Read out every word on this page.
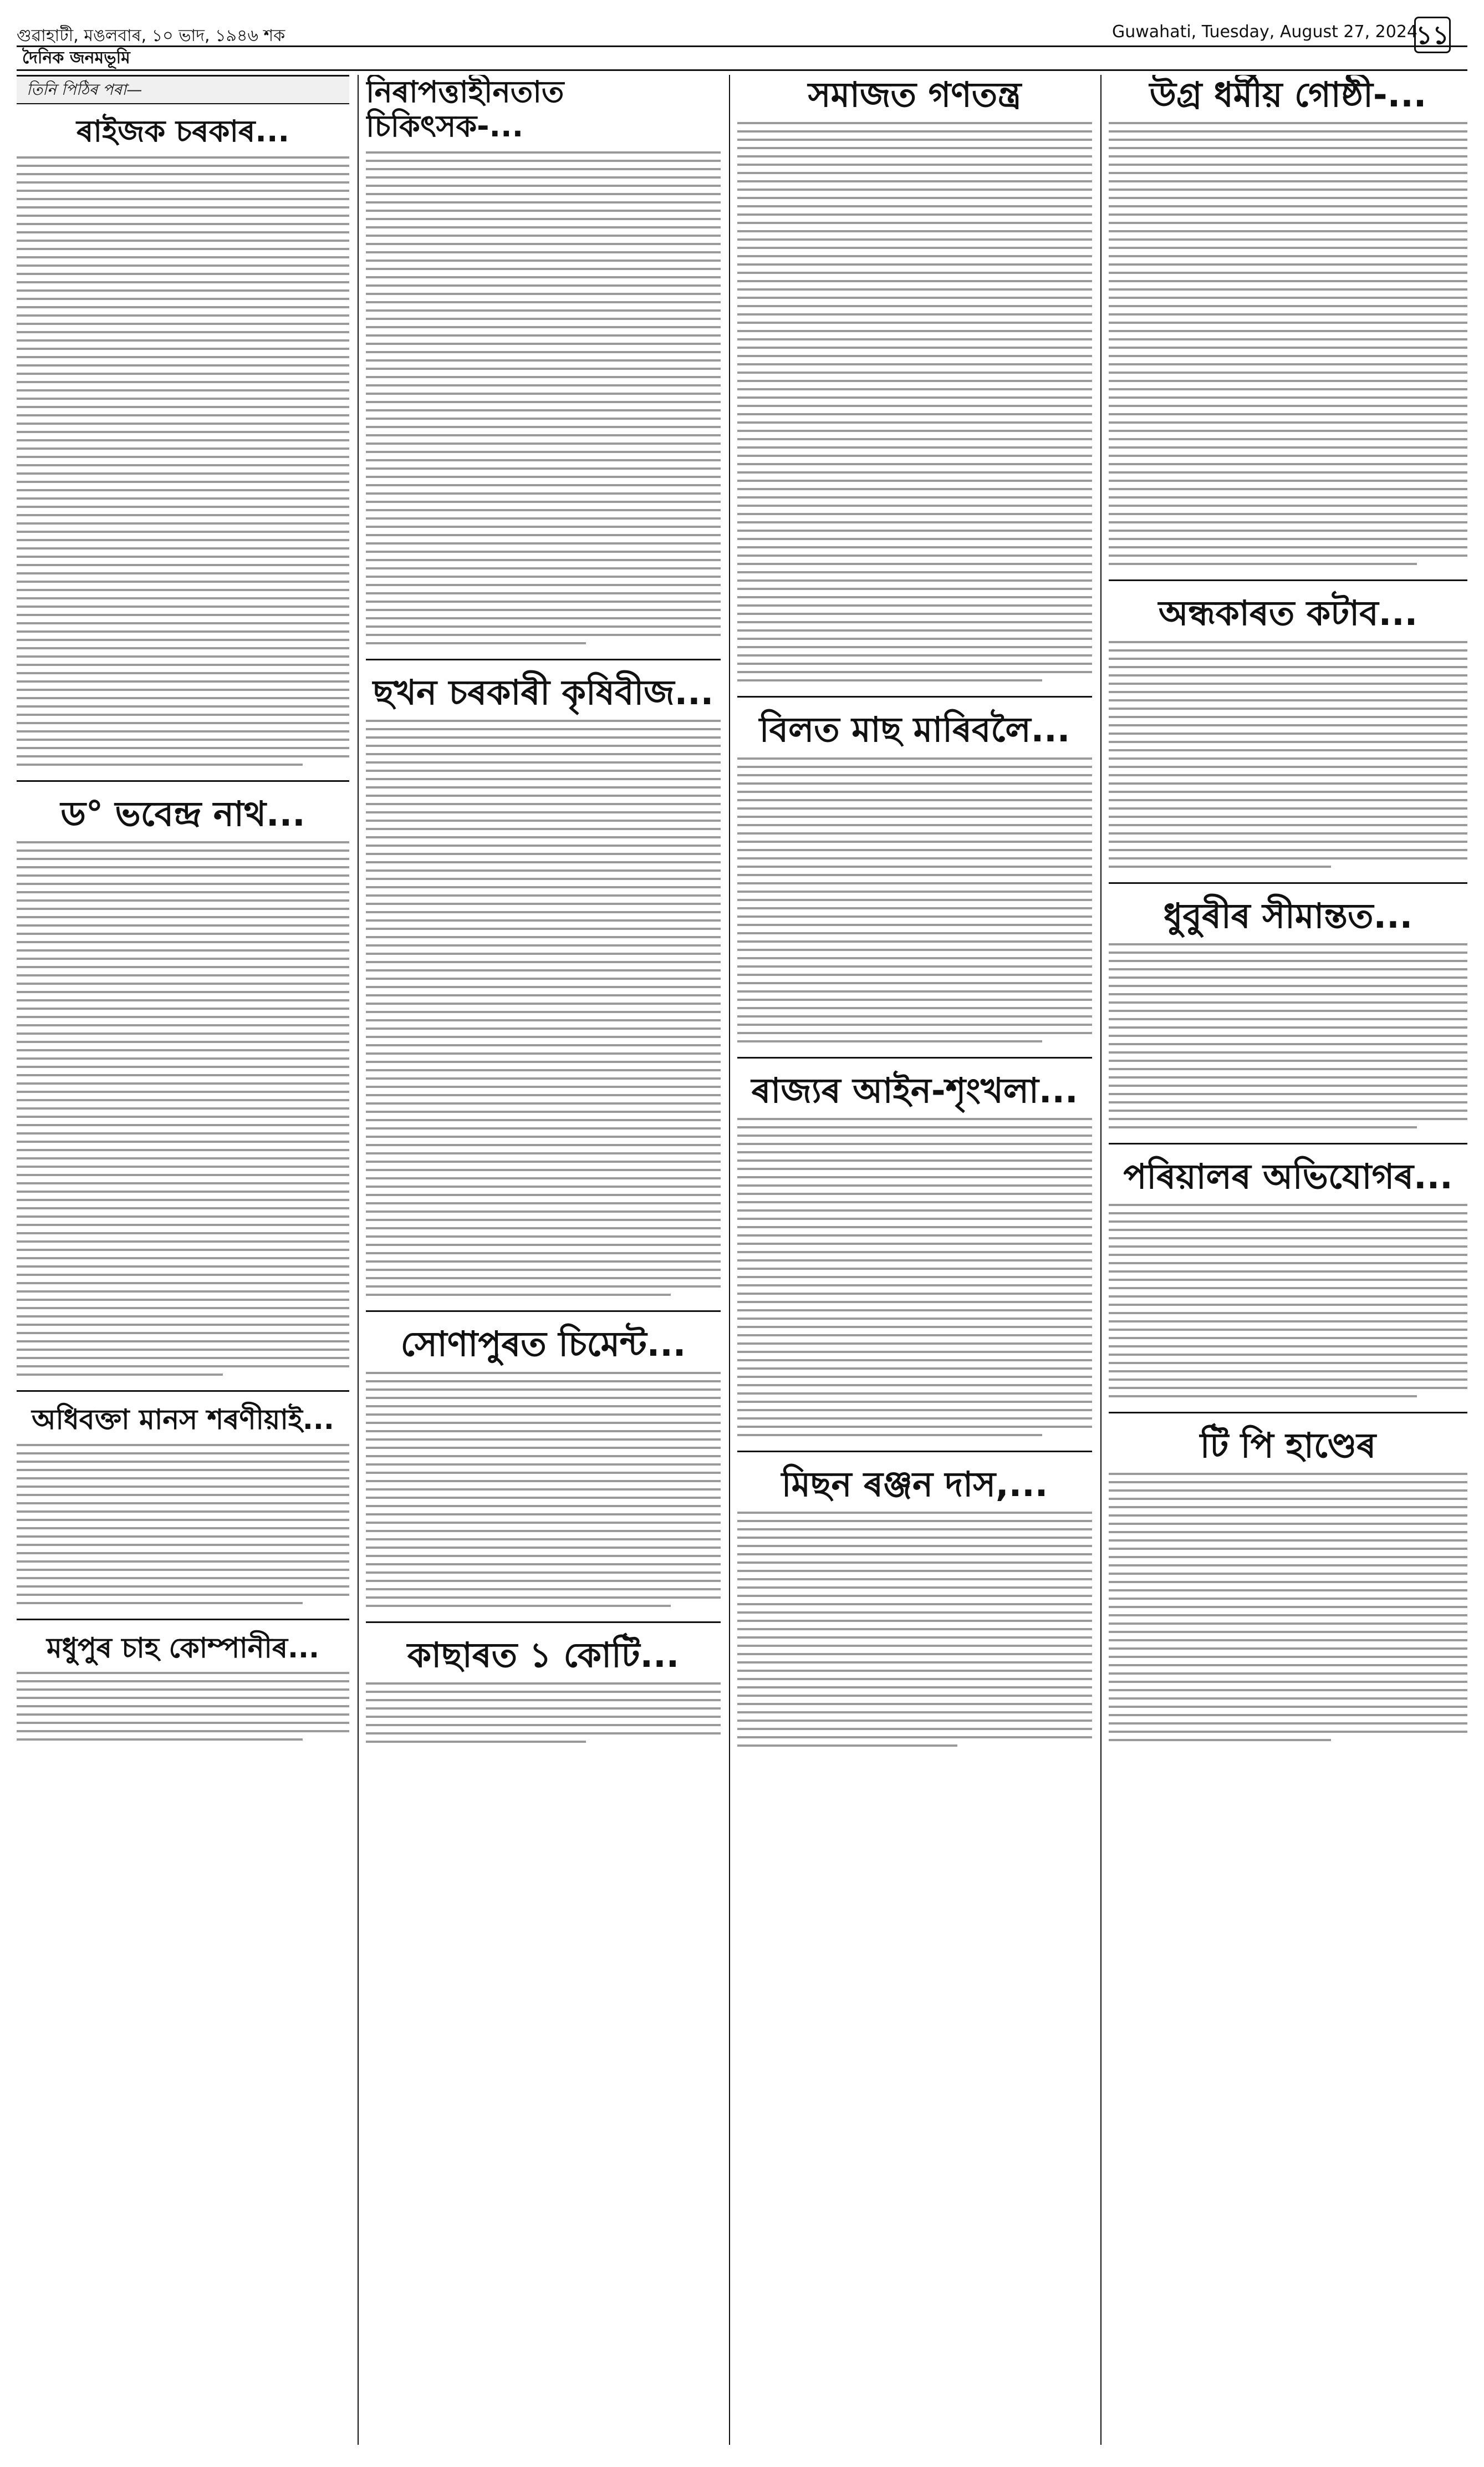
গুৱাহাটী, মঙলবাৰ, ১০ ভাদ, ১৯৪৬ শক	Guwahati, Tuesday, August 27, 2024
১১
দৈনিক জনমভূমি
তিনি পিঠিৰ পৰা—
ৰাইজক চৰকাৰ...
ড° ভবেন্দ্ৰ নাথ...
অধিবক্তা মানস শৰণীয়াই...
মধুপুৰ চাহ কোম্পানীৰ...
নিৰাপত্তাহীনতাত চিকিৎসক-...
ছখন চৰকাৰী কৃষিবীজ...
সোণাপুৰত চিমেন্ট...
কাছাৰত ১ কোটি...
সমাজত গণতন্ত্ৰ
বিলত মাছ মাৰিবলৈ...
ৰাজ্যৰ আইন-শৃংখলা...
মিছন ৰঞ্জন দাস,...
উগ্ৰ ধৰ্মীয় গোষ্ঠী-...
অন্ধকাৰত কটাব...
ধুবুৰীৰ সীমান্তত...
পৰিয়ালৰ অভিযোগৰ...
টি পি হাণ্ডেৰ
